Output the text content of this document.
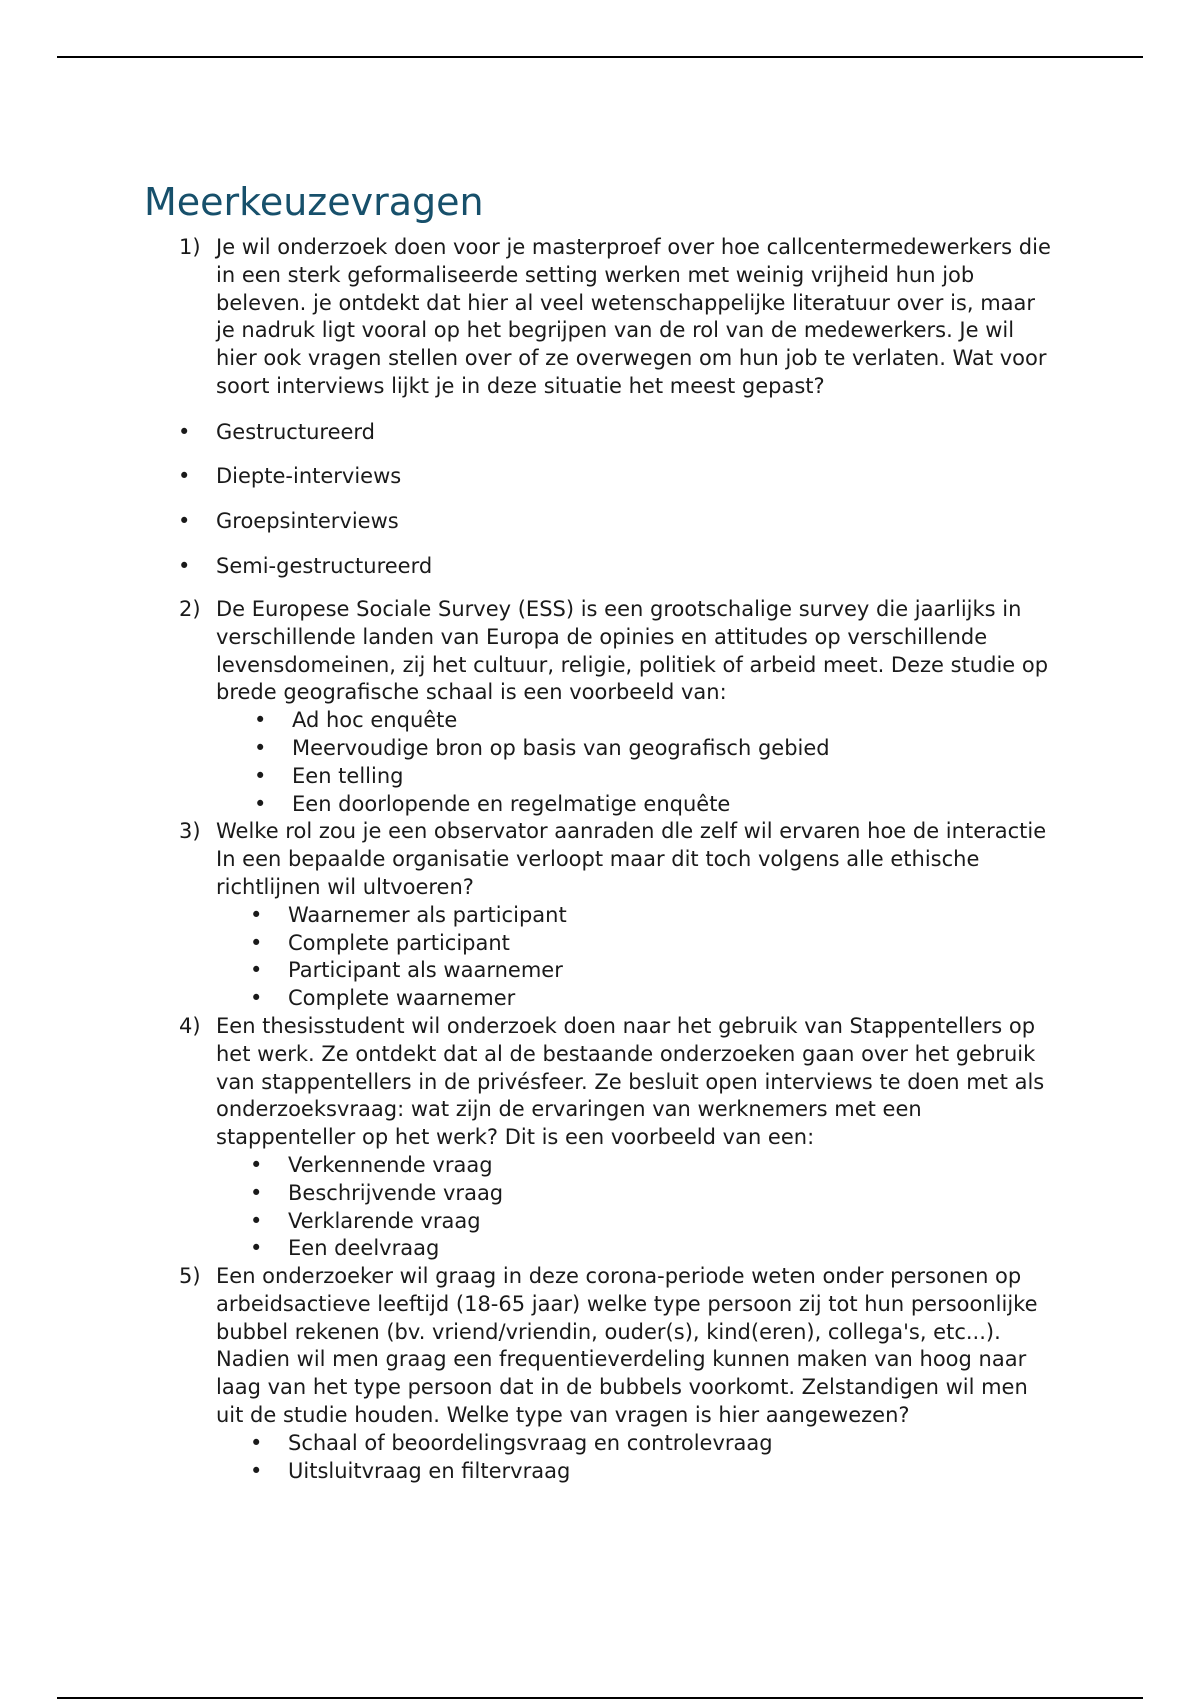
Meerkeuzevragen
1) Je wil onderzoek doen voor je masterproef over hoe callcentermedewerkers die in een sterk geformaliseerde setting werken met weinig vrijheid hun job beleven. je ontdekt dat hier al veel wetenschappelijke literatuur over is, maar je nadruk ligt vooral op het begrijpen van de rol van de medewerkers. Je wil hier ook vragen stellen over of ze overwegen om hun job te verlaten. Wat voor soort interviews lijkt je in deze situatie het meest gepast?
• Gestructureerd
• Diepte-interviews
• Groepsinterviews
• Semi-gestructureerd
2) De Europese Sociale Survey (ESS) is een grootschalige survey die jaarlijks in verschillende landen van Europa de opinies en attitudes op verschillende levensdomeinen, zij het cultuur, religie, politiek of arbeid meet. Deze studie op brede geografische schaal is een voorbeeld van:
• Ad hoc enquête
• Meervoudige bron op basis van geografisch gebied
• Een telling
• Een doorlopende en regelmatige enquête
3) Welke rol zou je een observator aanraden dle zelf wil ervaren hoe de interactie In een bepaalde organisatie verloopt maar dit toch volgens alle ethische richtlijnen wil ultvoeren?
• Waarnemer als participant
• Complete participant
• Participant als waarnemer
• Complete waarnemer
4) Een thesisstudent wil onderzoek doen naar het gebruik van Stappentellers op het werk. Ze ontdekt dat al de bestaande onderzoeken gaan over het gebruik van stappentellers in de privésfeer. Ze besluit open interviews te doen met als onderzoeksvraag: wat zijn de ervaringen van werknemers met een stappenteller op het werk? Dit is een voorbeeld van een:
• Verkennende vraag
• Beschrijvende vraag
• Verklarende vraag
• Een deelvraag
5) Een onderzoeker wil graag in deze corona-periode weten onder personen op arbeidsactieve leeftijd (18-65 jaar) welke type persoon zij tot hun persoonlijke bubbel rekenen (bv. vriend/vriendin, ouder(s), kind(eren), collega's, etc...). Nadien wil men graag een frequentieverdeling kunnen maken van hoog naar laag van het type persoon dat in de bubbels voorkomt. Zelstandigen wil men uit de studie houden. Welke type van vragen is hier aangewezen?
• Schaal of beoordelingsvraag en controlevraag
• Uitsluitvraag en filtervraag
